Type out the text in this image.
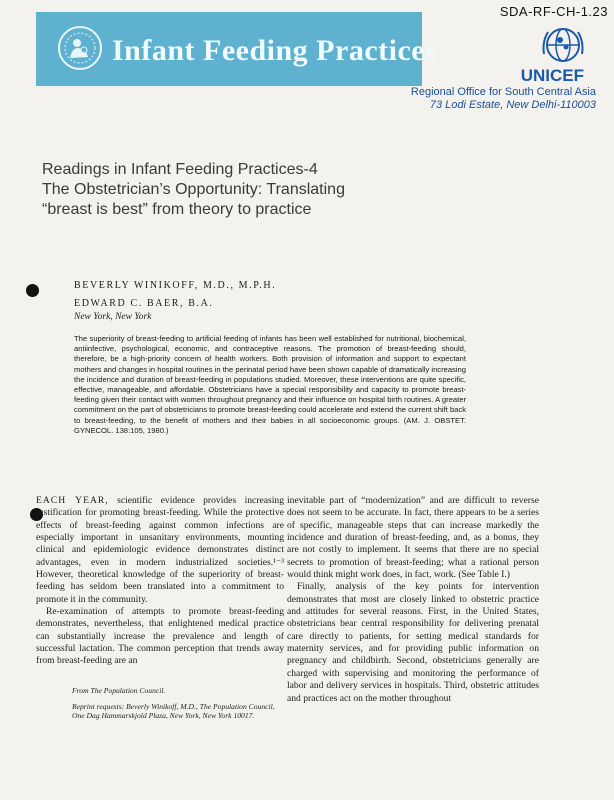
SDA-RF-CH-1.23
Infant Feeding Practices
UNICEF
Regional Office for South Central Asia
73 Lodi Estate, New Delhi-110003
Readings in Infant Feeding Practices-4
The Obstetrician’s Opportunity: Translating
“breast is best” from theory to practice
BEVERLY WINIKOFF, M.D., M.P.H.
EDWARD C. BAER, B.A.
New York, New York
The superiority of breast-feeding to artificial feeding of infants has been well established for nutritional, biochemical, antiinfective, psychological, economic, and contraceptive reasons. The promotion of breast-feeding should, therefore, be a high-priority concern of health workers. Both provision of information and support to expectant mothers and changes in hospital routines in the perinatal period have been shown capable of dramatically increasing the incidence and duration of breast-feeding in populations studied. Moreover, these interventions are quite specific, effective, manageable, and affordable. Obstetricians have a special responsibility and capacity to promote breast-feeding given their contact with women throughout pregnancy and their influence on hospital birth routines. A greater commitment on the part of obstetricians to promote breast-feeding could accelerate and extend the current shift back to breast-feeding, to the benefit of mothers and their babies in all socioeconomic groups. (AM. J. OBSTET. GYNECOL. 138:105, 1980.)

EACH YEAR, scientific evidence provides increasing justification for promoting breast-feeding. While the protective effects of breast-feeding against common infections are especially important in unsanitary environments, mounting clinical and epidemiologic evidence demonstrates distinct advantages, even in modern industrialized societies.¹⁻³ However, theoretical knowledge of the superiority of breast-feeding has seldom been translated into a commitment to promote it in the community.

Re-examination of attempts to promote breast-feeding demonstrates, nevertheless, that enlightened medical practice can substantially increase the prevalence and length of successful lactation. The common perception that trends away from breast-feeding are an

inevitable part of “modernization” and are difficult to reverse does not seem to be accurate. In fact, there appears to be a series of specific, manageable steps that can increase markedly the incidence and duration of breast-feeding, and, as a bonus, they are not costly to implement. It seems that there are no special secrets to promotion of breast-feeding; what a rational person would think might work does, in fact, work. (See Table I.)

Finally, analysis of the key points for intervention demonstrates that most are closely linked to obstetric practice and attitudes for several reasons. First, in the United States, obstetricians bear central responsibility for delivering prenatal care directly to patients, for setting medical standards for maternity services, and for providing public information on pregnancy and childbirth. Second, obstetricians generally are charged with supervising and monitoring the performance of labor and delivery services in hospitals. Third, obstetric attitudes and practices act on the mother throughout

From The Population Council.

Reprint requests: Beverly Winikoff, M.D., The Population Council, One Dag Hammarskjold Plaza, New York, New York 10017.
